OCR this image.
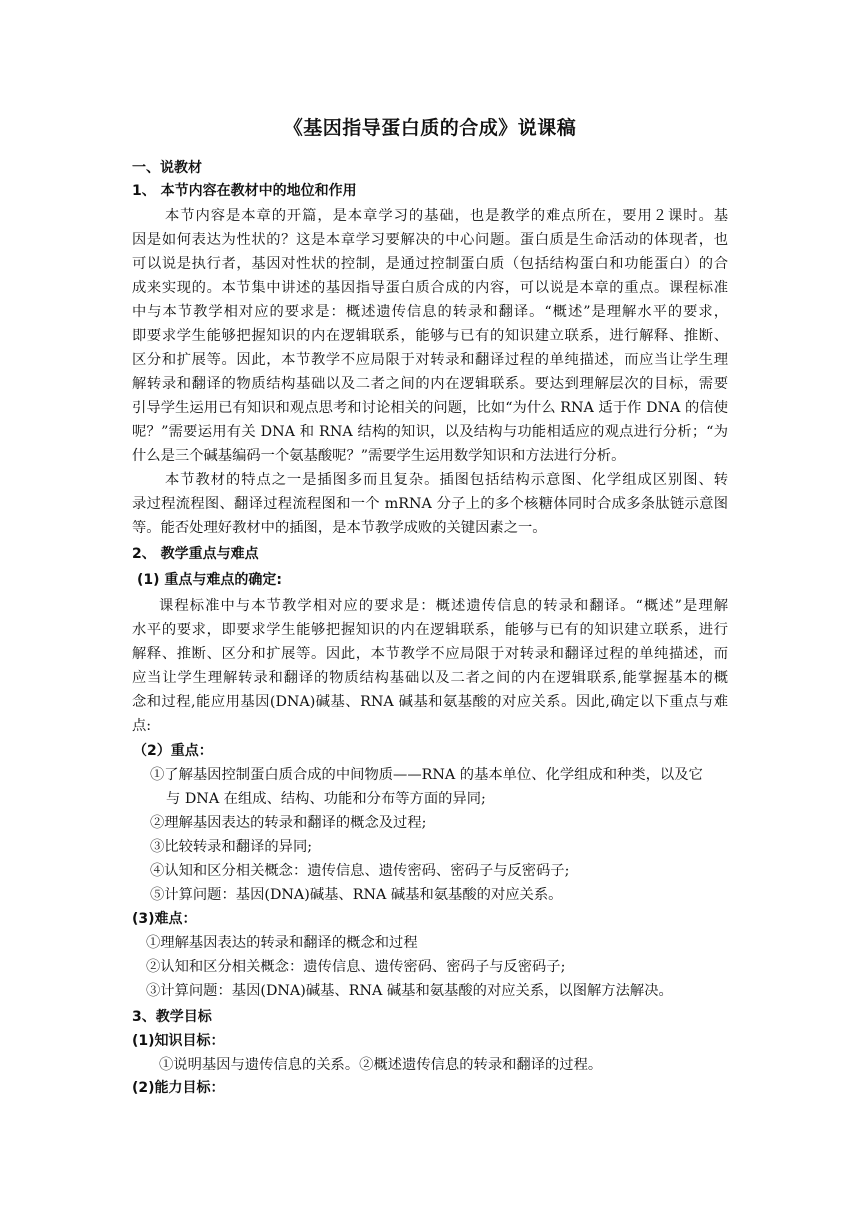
《基因指导蛋白质的合成》说课稿
一、说教材
1、 本节内容在教材中的地位和作用
本节内容是本章的开篇，是本章学习的基础，也是教学的难点所在，要用２课时。基
因是如何表达为性状的？这是本章学习要解决的中心问题。蛋白质是生命活动的体现者，也
可以说是执行者，基因对性状的控制，是通过控制蛋白质（包括结构蛋白和功能蛋白）的合
成来实现的。本节集中讲述的基因指导蛋白质合成的内容，可以说是本章的重点。课程标准
中与本节教学相对应的要求是：概述遗传信息的转录和翻译。“概述”是理解水平的要求，
即要求学生能够把握知识的内在逻辑联系，能够与已有的知识建立联系，进行解释、推断、
区分和扩展等。因此，本节教学不应局限于对转录和翻译过程的单纯描述，而应当让学生理
解转录和翻译的物质结构基础以及二者之间的内在逻辑联系。要达到理解层次的目标，需要
引导学生运用已有知识和观点思考和讨论相关的问题，比如“为什么 RNA 适于作 DNA 的信使
呢？”需要运用有关 DNA 和 RNA 结构的知识，以及结构与功能相适应的观点进行分析；“为
什么是三个碱基编码一个氨基酸呢？”需要学生运用数学知识和方法进行分析。
本节教材的特点之一是插图多而且复杂。插图包括结构示意图、化学组成区别图、转
录过程流程图、翻译过程流程图和一个 mRNA 分子上的多个核糖体同时合成多条肽链示意图
等。能否处理好教材中的插图，是本节教学成败的关键因素之一。
2、 教学重点与难点
(1) 重点与难点的确定:
课程标准中与本节教学相对应的要求是：概述遗传信息的转录和翻译。“概述”是理解
水平的要求，即要求学生能够把握知识的内在逻辑联系，能够与已有的知识建立联系，进行
解释、推断、区分和扩展等。因此，本节教学不应局限于对转录和翻译过程的单纯描述，而
应当让学生理解转录和翻译的物质结构基础以及二者之间的内在逻辑联系,能掌握基本的概
念和过程,能应用基因(DNA)碱基、RNA 碱基和氨基酸的对应关系。因此,确定以下重点与难
点:
（2）重点：
①了解基因控制蛋白质合成的中间物质——RNA 的基本单位、化学组成和种类，以及它
与 DNA 在组成、结构、功能和分布等方面的异同;
②理解基因表达的转录和翻译的概念及过程;
③比较转录和翻译的异同;
④认知和区分相关概念：遗传信息、遗传密码、密码子与反密码子;
⑤计算问题：基因(DNA)碱基、RNA 碱基和氨基酸的对应关系。
(3)难点：
①理解基因表达的转录和翻译的概念和过程
②认知和区分相关概念：遗传信息、遗传密码、密码子与反密码子;
③计算问题：基因(DNA)碱基、RNA 碱基和氨基酸的对应关系，以图解方法解决。
3、教学目标
(1)知识目标：
①说明基因与遗传信息的关系。②概述遗传信息的转录和翻译的过程。
(2)能力目标：
